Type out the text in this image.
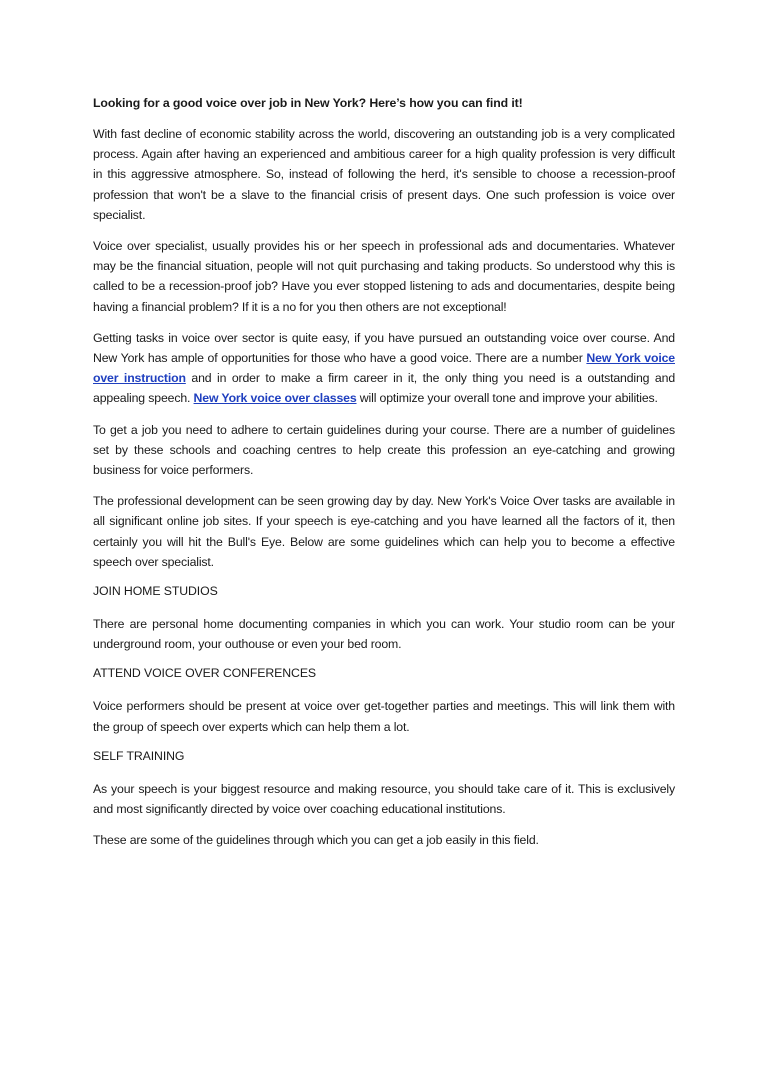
Looking for a good voice over job in New York? Here’s how you can find it!

With fast decline of economic stability across the world, discovering an outstanding job is a very complicated process. Again after having an experienced and ambitious career for a high quality profession is very difficult in this aggressive atmosphere. So, instead of following the herd, it's sensible to choose a recession-proof profession that won't be a slave to the financial crisis of present days. One such profession is voice over specialist.

Voice over specialist, usually provides his or her speech in professional ads and documentaries. Whatever may be the financial situation, people will not quit purchasing and taking products. So understood why this is called to be a recession-proof job? Have you ever stopped listening to ads and documentaries, despite being having a financial problem? If it is a no for you then others are not exceptional!

Getting tasks in voice over sector is quite easy, if you have pursued an outstanding voice over course. And New York has ample of opportunities for those who have a good voice. There are a number New York voice over instruction and in order to make a firm career in it, the only thing you need is a outstanding and appealing speech. New York voice over classes will optimize your overall tone and improve your abilities.

To get a job you need to adhere to certain guidelines during your course. There are a number of guidelines set by these schools and coaching centres to help create this profession an eye-catching and growing business for voice performers.

The professional development can be seen growing day by day. New York's Voice Over tasks are available in all significant online job sites. If your speech is eye-catching and you have learned all the factors of it, then certainly you will hit the Bull's Eye. Below are some guidelines which can help you to become a effective speech over specialist.

JOIN HOME STUDIOS

There are personal home documenting companies in which you can work. Your studio room can be your underground room, your outhouse or even your bed room.

ATTEND VOICE OVER CONFERENCES

Voice performers should be present at voice over get-together parties and meetings. This will link them with the group of speech over experts which can help them a lot.

SELF TRAINING

As your speech is your biggest resource and making resource, you should take care of it. This is exclusively and most significantly directed by voice over coaching educational institutions.

These are some of the guidelines through which you can get a job easily in this field.
